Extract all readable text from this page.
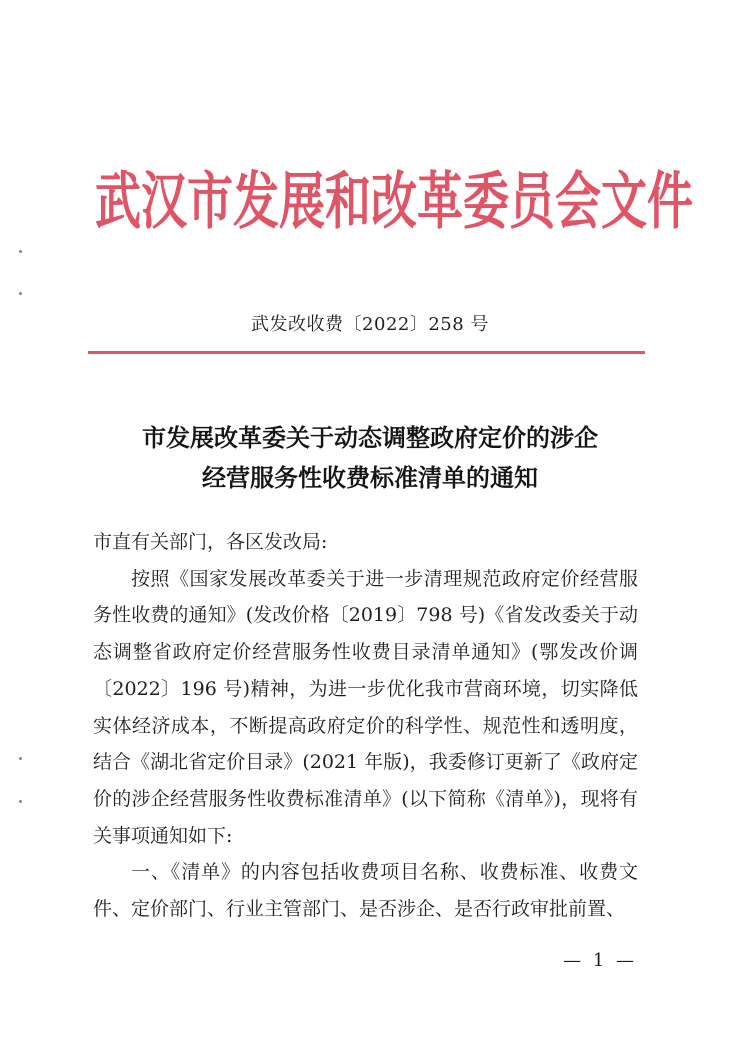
武汉市发展和改革委员会文件
武发改收费〔2022〕258 号
市发展改革委关于动态调整政府定价的涉企
经营服务性收费标准清单的通知

市直有关部门，各区发改局:

按照《国家发展改革委关于进一步清理规范政府定价经营服务性收费的通知》(发改价格〔2019〕798 号)《省发改委关于动态调整省政府定价经营服务性收费目录清单通知》(鄂发改价调〔2022〕196 号)精神，为进一步优化我市营商环境，切实降低实体经济成本，不断提高政府定价的科学性、规范性和透明度，结合《湖北省定价目录》(2021 年版)，我委修订更新了《政府定价的涉企经营服务性收费标准清单》(以下简称《清单》)，现将有关事项通知如下:

一、《清单》的内容包括收费项目名称、收费标准、收费文件、定价部门、行业主管部门、是否涉企、是否行政审批前置、

— 1 —
